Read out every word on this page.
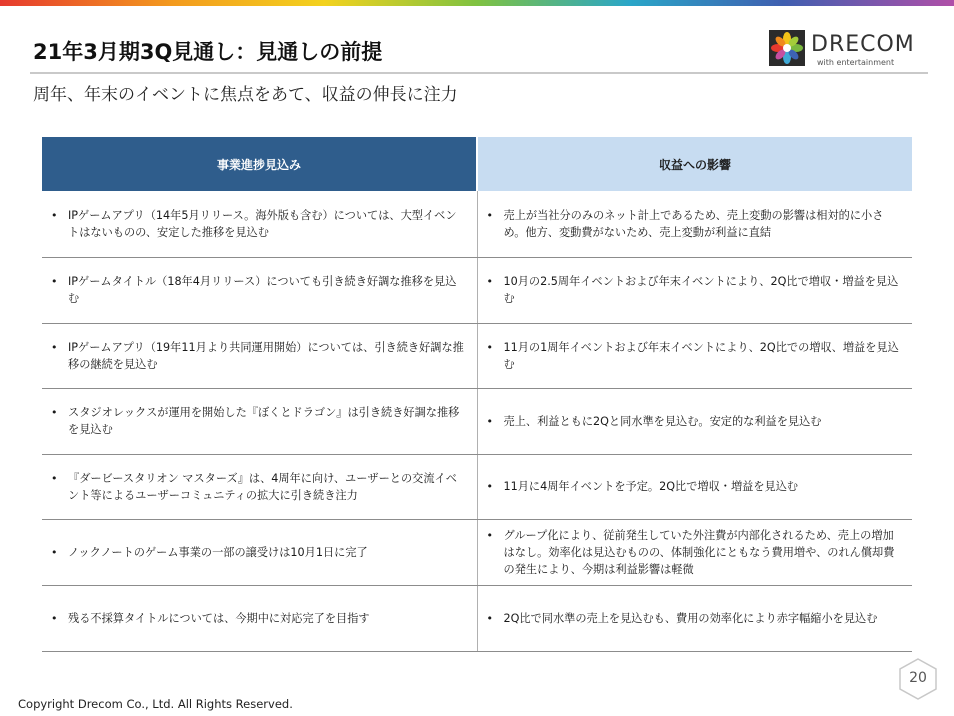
21年3月期3Q見通し：見通しの前提	DRECOM
with entertainment
周年、年末のイベントに焦点をあて、収益の伸長に注力
事業進捗見込み	収益への影響

• IPゲームアプリ（14年5月リリース。海外版も含む）については、大型イベントはないものの、安定した推移を見込む	• 売上が当社分のみのネット計上であるため、売上変動の影響は相対的に小さめ。他方、変動費がないため、売上変動が利益に直結

• IPゲームタイトル（18年4月リリース）についても引き続き好調な推移を見込む	• 10月の2.5周年イベントおよび年末イベントにより、2Q比で増収・増益を見込む

• IPゲームアプリ（19年11月より共同運用開始）については、引き続き好調な推移の継続を見込む	• 11月の1周年イベントおよび年末イベントにより、2Q比での増収、増益を見込む

• スタジオレックスが運用を開始した『ぼくとドラゴン』は引き続き好調な推移を見込む	• 売上、利益ともに2Qと同水準を見込む。安定的な利益を見込む

• 『ダービースタリオン マスターズ』は、4周年に向け、ユーザーとの交流イベント等によるユーザーコミュニティの拡大に引き続き注力	• 11月に4周年イベントを予定。2Q比で増収・増益を見込む

• ノックノートのゲーム事業の一部の譲受けは10月1日に完了	• グループ化により、従前発生していた外注費が内部化されるため、売上の増加はなし。効率化は見込むものの、体制強化にともなう費用増や、のれん償却費の発生により、今期は利益影響は軽微

• 残る不採算タイトルについては、今期中に対応完了を目指す	• 2Q比で同水準の売上を見込むも、費用の効率化により赤字幅縮小を見込む
Copyright Drecom Co., Ltd. All Rights Reserved.
20
